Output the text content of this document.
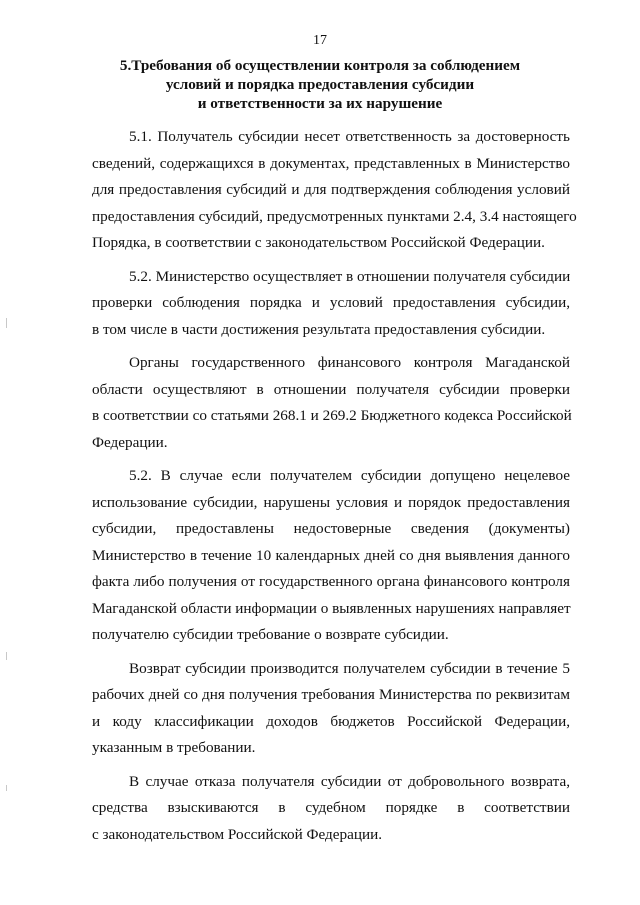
17
5.Требования об осуществлении контроля за соблюдением
условий и порядка предоставления субсидии
и ответственности за их нарушение
5.1. Получатель субсидии несет ответственность за достоверность
сведений, содержащихся в документах, представленных в Министерство
для предоставления субсидий и для подтверждения соблюдения условий
предоставления субсидий, предусмотренных пунктами 2.4, 3.4 настоящего
Порядка, в соответствии с законодательством Российской Федерации.
5.2. Министерство осуществляет в отношении получателя субсидии
проверки соблюдения порядка и условий предоставления субсидии,
в том числе в части достижения результата предоставления субсидии.
Органы государственного финансового контроля Магаданской
области осуществляют в отношении получателя субсидии проверки
в соответствии со статьями 268.1 и 269.2 Бюджетного кодекса Российской
Федерации.
5.2. В случае если получателем субсидии допущено нецелевое
использование субсидии, нарушены условия и порядок предоставления
субсидии, предоставлены недостоверные сведения (документы)
Министерство в течение 10 календарных дней со дня выявления данного
факта либо получения от государственного органа финансового контроля
Магаданской области информации о выявленных нарушениях направляет
получателю субсидии требование о возврате субсидии.
Возврат субсидии производится получателем субсидии в течение 5
рабочих дней со дня получения требования Министерства по реквизитам
и коду классификации доходов бюджетов Российской Федерации,
указанным в требовании.
В случае отказа получателя субсидии от добровольного возврата,
средства взыскиваются в судебном порядке в соответствии
с законодательством Российской Федерации.
